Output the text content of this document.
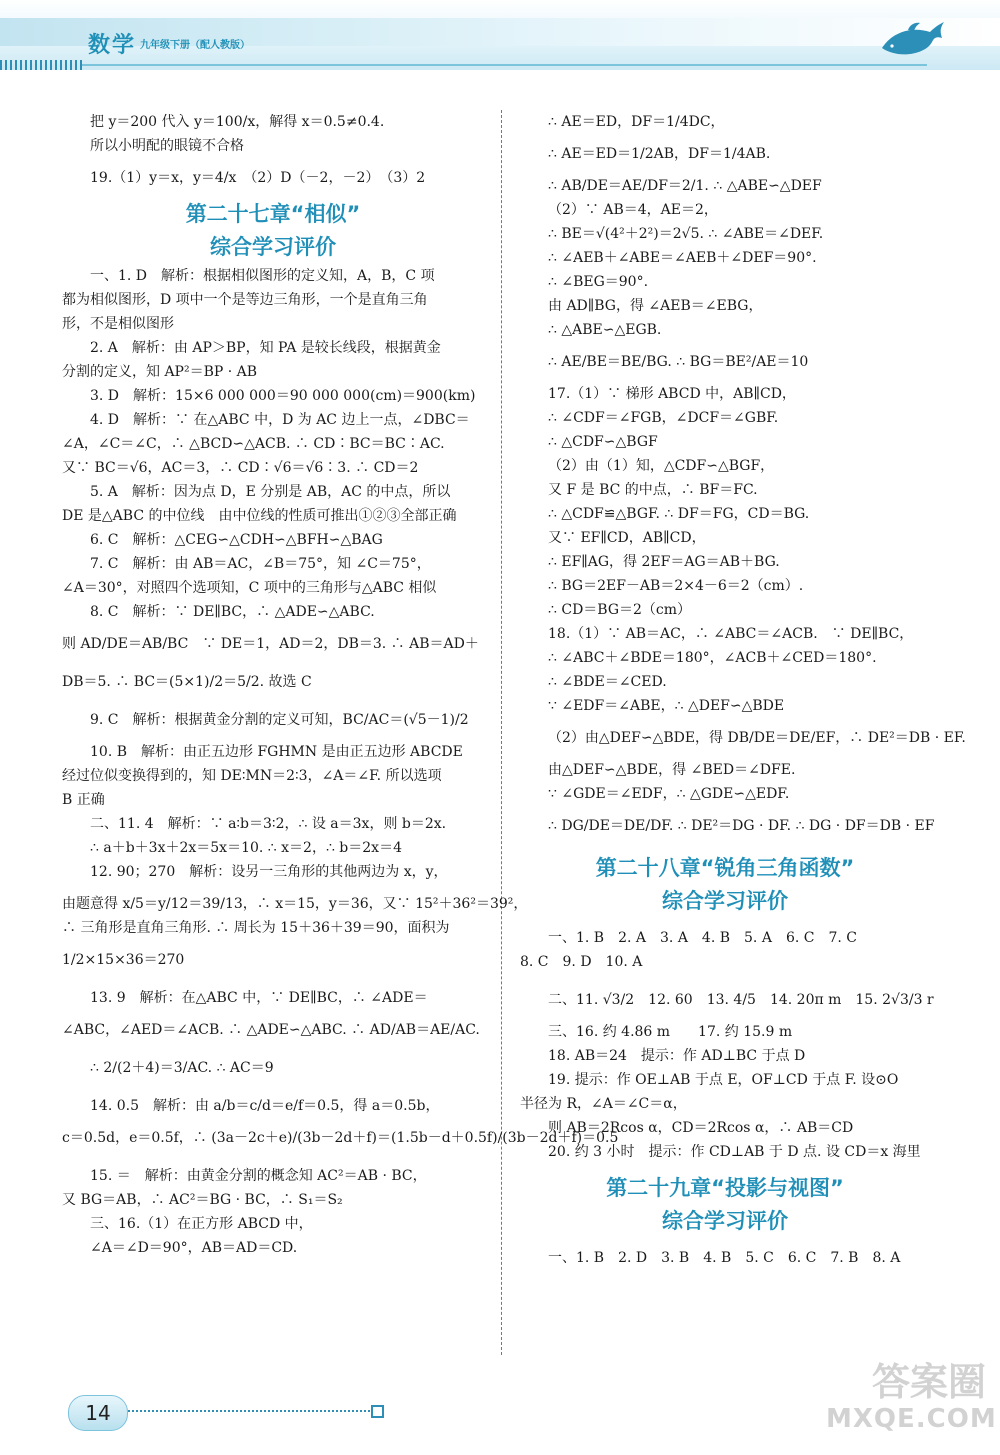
数学 九年级下册（配人教版）
把 y＝200 代入 y＝100/x，解得 x＝0.5≠0.4.
所以小明配的眼镜不合格
19.（1）y＝x，y＝4/x　（2）D（－2，－2）　（3）2
第二十七章“相似”
综合学习评价
一、1. D　解析：根据相似图形的定义知，A，B，C 项
都为相似图形，D 项中一个是等边三角形，一个是直角三角
形，不是相似图形
2. A　解析：由 AP＞BP，知 PA 是较长线段，根据黄金
分割的定义，知 AP²＝BP · AB
3. D　解析：15×6 000 000＝90 000 000(cm)＝900(km)
4. D　解析：∵ 在△ABC 中，D 为 AC 边上一点，∠DBC＝
∠A，∠C＝∠C，∴ △BCD∽△ACB. ∴ CD∶BC＝BC∶AC.
又∵ BC＝√6，AC＝3，∴ CD∶√6＝√6∶3. ∴ CD＝2
5. A　解析：因为点 D，E 分别是 AB，AC 的中点，所以
DE 是△ABC 的中位线　由中位线的性质可推出①②③全部正确
6. C　解析：△CEG∽△CDH∽△BFH∽△BAG
7. C　解析：由 AB＝AC，∠B＝75°，知 ∠C＝75°，
∠A＝30°，对照四个选项知，C 项中的三角形与△ABC 相似
8. C　解析：∵ DE∥BC，∴ △ADE∽△ABC.
则 AD/DE＝AB/BC　∵ DE＝1，AD＝2，DB＝3. ∴ AB＝AD＋
DB＝5. ∴ BC＝(5×1)/2＝5/2. 故选 C
9. C　解析：根据黄金分割的定义可知，BC/AC＝(√5－1)/2
10. B　解析：由正五边形 FGHMN 是由正五边形 ABCDE
经过位似变换得到的，知 DE∶MN＝2∶3，∠A＝∠F. 所以选项
B 正确
二、11. 4　解析：∵ a∶b＝3∶2，∴ 设 a＝3x，则 b＝2x.
∴ a＋b＋3x＋2x＝5x＝10. ∴ x＝2，∴ b＝2x＝4
12. 90；270　解析：设另一三角形的其他两边为 x，y，
由题意得 x/5＝y/12＝39/13，∴ x＝15，y＝36，又∵ 15²＋36²＝39²，
∴ 三角形是直角三角形. ∴ 周长为 15＋36＋39＝90，面积为
1/2×15×36＝270
13. 9　解析：在△ABC 中，∵ DE∥BC，∴ ∠ADE＝
∠ABC，∠AED＝∠ACB. ∴ △ADE∽△ABC. ∴ AD/AB＝AE/AC.
∴ 2/(2＋4)＝3/AC. ∴ AC＝9
14. 0.5　解析：由 a/b＝c/d＝e/f＝0.5，得 a＝0.5b，
c＝0.5d，e＝0.5f，∴ (3a－2c＋e)/(3b－2d＋f)＝(1.5b－d＋0.5f)/(3b－2d＋f)＝0.5
15. ＝　解析：由黄金分割的概念知 AC²＝AB · BC，
又 BG＝AB，∴ AC²＝BG · BC，∴ S₁＝S₂
三、16.（1）在正方形 ABCD 中，
∠A＝∠D＝90°，AB＝AD＝CD.
∴ AE＝ED，DF＝1/4DC，
∴ AE＝ED＝1/2AB，DF＝1/4AB.
∴ AB/DE＝AE/DF＝2/1. ∴ △ABE∽△DEF
（2）∵ AB＝4，AE＝2，
∴ BE＝√(4²＋2²)＝2√5. ∴ ∠ABE＝∠DEF.
∴ ∠AEB＋∠ABE＝∠AEB＋∠DEF＝90°.
∴ ∠BEG＝90°.
由 AD∥BG，得 ∠AEB＝∠EBG，
∴ △ABE∽△EGB.
∴ AE/BE＝BE/BG. ∴ BG＝BE²/AE＝10
17.（1）∵ 梯形 ABCD 中，AB∥CD，
∴ ∠CDF＝∠FGB，∠DCF＝∠GBF.
∴ △CDF∽△BGF
（2）由（1）知，△CDF∽△BGF，
又 F 是 BC 的中点，∴ BF＝FC.
∴ △CDF≌△BGF. ∴ DF＝FG，CD＝BG.
又∵ EF∥CD，AB∥CD，
∴ EF∥AG，得 2EF＝AG＝AB＋BG.
∴ BG＝2EF－AB＝2×4－6＝2（cm）.
∴ CD＝BG＝2（cm）
18.（1）∵ AB＝AC，∴ ∠ABC＝∠ACB.　∵ DE∥BC，
∴ ∠ABC＋∠BDE＝180°，∠ACB＋∠CED＝180°.
∴ ∠BDE＝∠CED.
∵ ∠EDF＝∠ABE，∴ △DEF∽△BDE
（2）由△DEF∽△BDE，得 DB/DE＝DE/EF，∴ DE²＝DB · EF.
由△DEF∽△BDE，得 ∠BED＝∠DFE.
∵ ∠GDE＝∠EDF，∴ △GDE∽△EDF.
∴ DG/DE＝DE/DF. ∴ DE²＝DG · DF. ∴ DG · DF＝DB · EF
第二十八章“锐角三角函数”
综合学习评价
一、1. B　2. A　3. A　4. B　5. A　6. C　7. C
8. C　9. D　10. A
二、11. √3/2　12. 60　13. 4/5　14. 20π m　15. 2√3/3 r
三、16. 约 4.86 m　　17. 约 15.9 m
18. AB＝24　提示：作 AD⊥BC 于点 D
19. 提示：作 OE⊥AB 于点 E，OF⊥CD 于点 F. 设⊙O
半径为 R，∠A＝∠C＝α，
则 AB＝2Rcos α，CD＝2Rcos α，∴ AB＝CD
20. 约 3 小时　提示：作 CD⊥AB 于 D 点. 设 CD＝x 海里
第二十九章“投影与视图”
综合学习评价
一、1. B　2. D　3. B　4. B　5. C　6. C　7. B　8. A
14
答案圈
MXQE.COM
